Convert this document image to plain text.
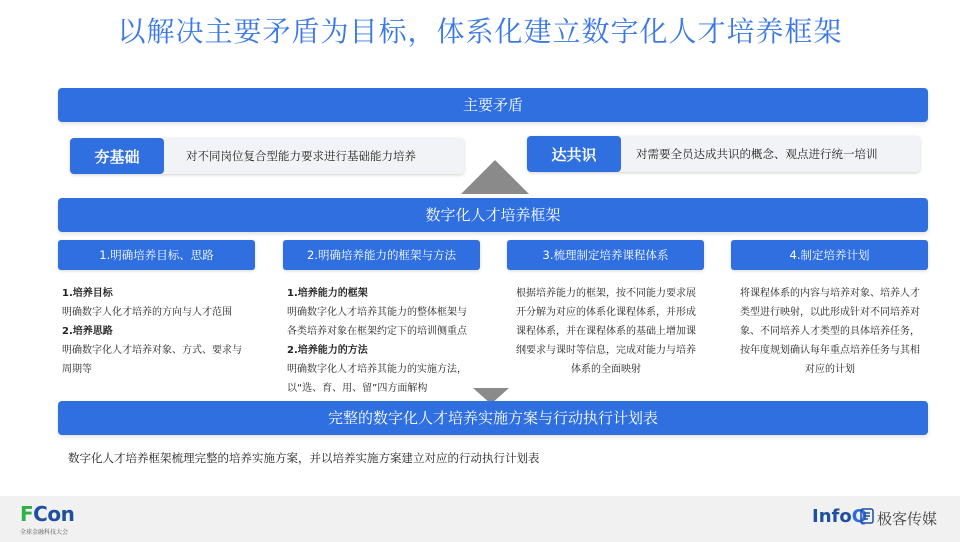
以解决主要矛盾为目标，体系化建立数字化人才培养框架
主要矛盾
夯基础	对不同岗位复合型能力要求进行基础能力培养	达共识	对需要全员达成共识的概念、观点进行统一培训
数字化人才培养框架
1.明确培养目标、思路	2.明确培养能力的框架与方法	3.梳理制定培养课程体系	4.制定培养计划
1.培养目标
明确数字人化才培养的方向与人才范围
2.培养思路
明确数字化人才培养对象、方式、要求与
周期等
1.培养能力的框架
明确数字化人才培养其能力的整体框架与
各类培养对象在框架约定下的培训侧重点
2.培养能力的方法
明确数字化人才培养其能力的实施方法，
以“选、育、用、留”四方面解构
根据培养能力的框架，按不同能力要求展
开分解为对应的体系化课程体系，并形成
课程体系，并在课程体系的基础上增加课
纲要求与课时等信息，完成对能力与培养
体系的全面映射
将课程体系的内容与培养对象、培养人才
类型进行映射，以此形成针对不同培养对
象、不同培养人才类型的具体培养任务，
按年度规划确认每年重点培养任务与其相
对应的计划
完整的数字化人才培养实施方案与行动执行计划表
数字化人才培养框架梳理完整的培养实施方案，并以培养实施方案建立对应的行动执行计划表
FCon
全球金融科技大会
InfoQ 极客传媒
